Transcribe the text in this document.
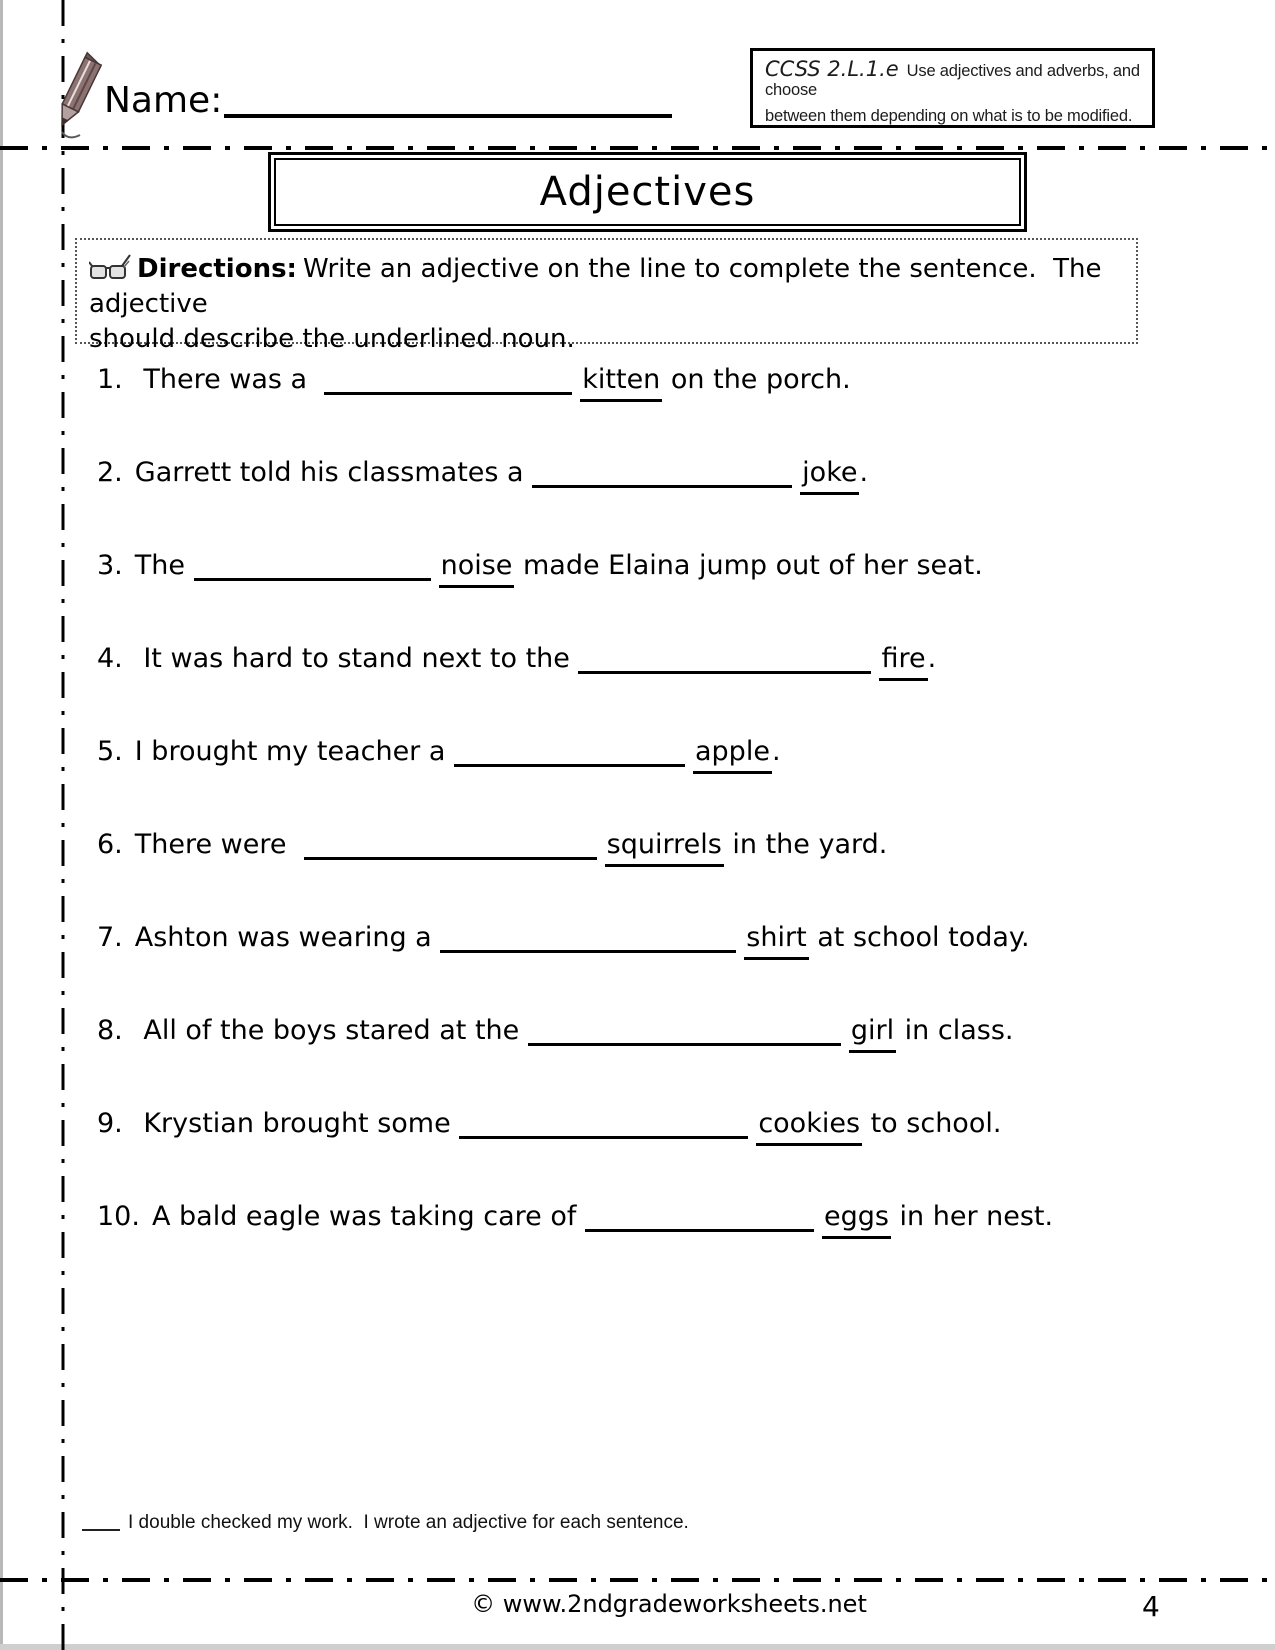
Name:
CCSS 2.L.1.e Use adjectives and adverbs, and choose
between them depending on what is to be modified.
Adjectives
Directions: Write an adjective on the line to complete the sentence.  The adjective
should describe the underlined noun.
1. There was a	kitten on the porch.
2. Garrett told his classmates a	joke.
3. The	noise made Elaina jump out of her seat.
4. It was hard to stand next to the	fire.
5. I brought my teacher a	apple.
6. There were	squirrels in the yard.
7. Ashton was wearing a	shirt at school today.
8. All of the boys stared at the	girl in class.
9. Krystian brought some	cookies to school.
10. A bald eagle was taking care of	eggs in her nest.
I double checked my work.  I wrote an adjective for each sentence.
© www.2ndgradeworksheets.net	4
